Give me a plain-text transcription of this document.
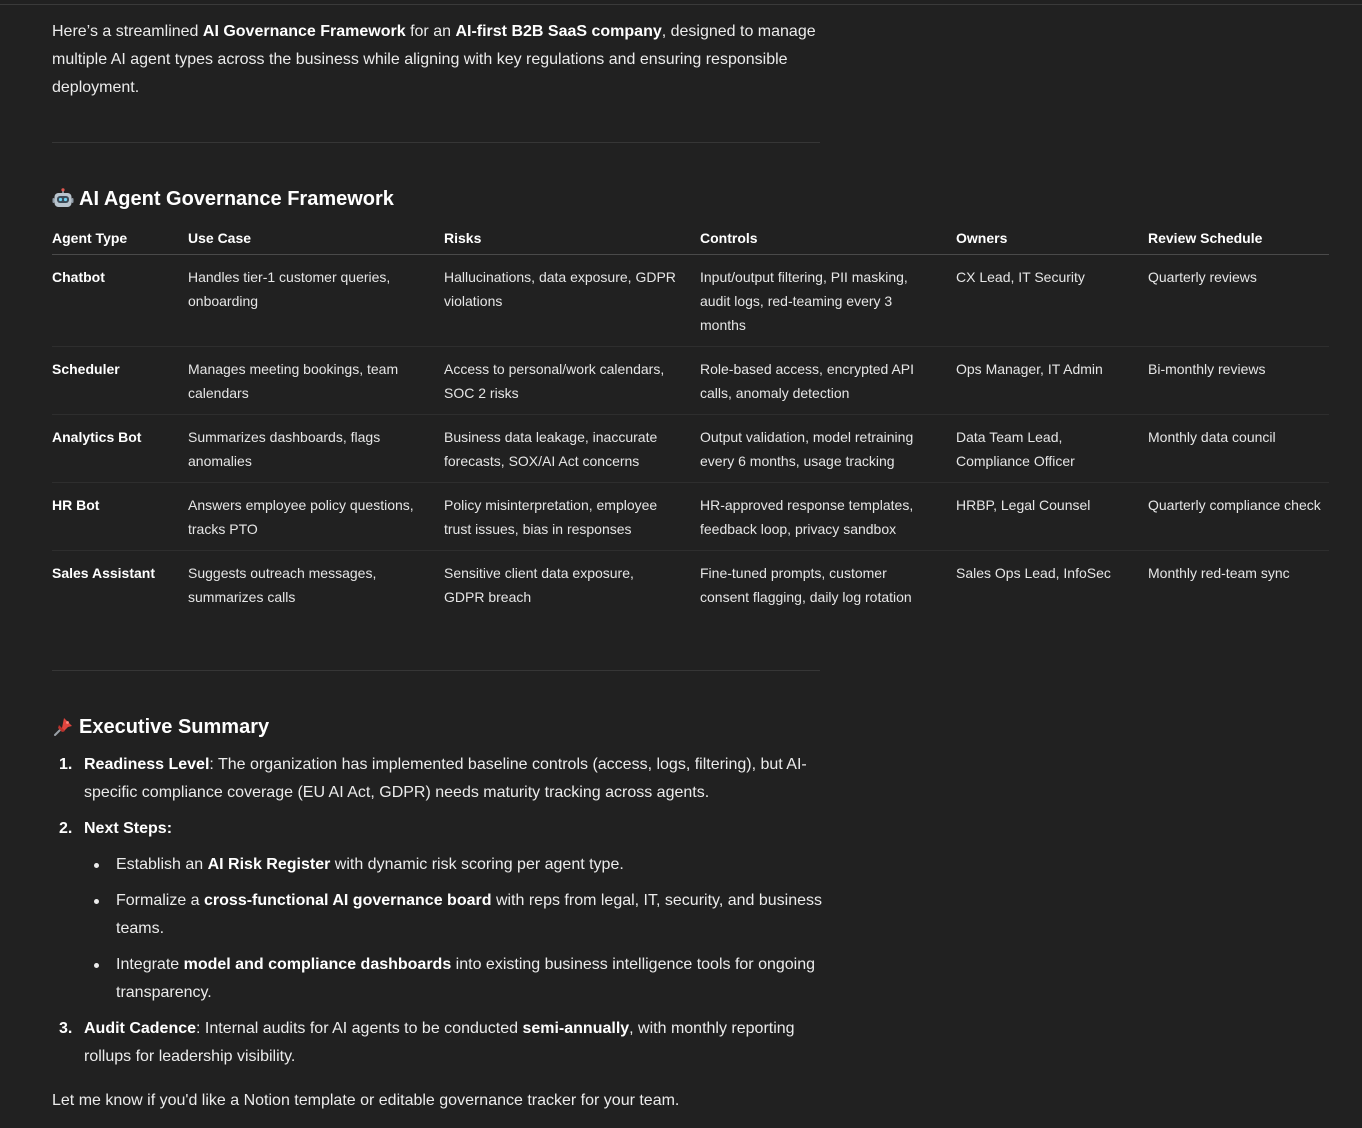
Here’s a streamlined AI Governance Framework for an AI-first B2B SaaS company, designed to manage multiple AI agent types across the business while aligning with key regulations and ensuring responsible deployment.

AI Agent Governance Framework
Agent Type	Use Case	Risks	Controls	Owners	Review Schedule
Chatbot	Handles tier-1 customer queries, onboarding	Hallucinations, data exposure, GDPR violations	Input/output filtering, PII masking, audit logs, red-teaming every 3 months	CX Lead, IT Security	Quarterly reviews
Scheduler	Manages meeting bookings, team calendars	Access to personal/work calendars, SOC 2 risks	Role-based access, encrypted API calls, anomaly detection	Ops Manager, IT Admin	Bi-monthly reviews
Analytics Bot	Summarizes dashboards, flags anomalies	Business data leakage, inaccurate forecasts, SOX/AI Act concerns	Output validation, model retraining every 6 months, usage tracking	Data Team Lead, Compliance Officer	Monthly data council
HR Bot	Answers employee policy questions, tracks PTO	Policy misinterpretation, employee trust issues, bias in responses	HR-approved response templates, feedback loop, privacy sandbox	HRBP, Legal Counsel	Quarterly compliance check
Sales Assistant	Suggests outreach messages, summarizes calls	Sensitive client data exposure, GDPR breach	Fine-tuned prompts, customer consent flagging, daily log rotation	Sales Ops Lead, InfoSec	Monthly red-team sync
Executive Summary
1. Readiness Level: The organization has implemented baseline controls (access, logs, filtering), but AI-specific compliance coverage (EU AI Act, GDPR) needs maturity tracking across agents.
2. Next Steps:
Establish an AI Risk Register with dynamic risk scoring per agent type.
Formalize a cross-functional AI governance board with reps from legal, IT, security, and business teams.
Integrate model and compliance dashboards into existing business intelligence tools for ongoing transparency.
3. Audit Cadence: Internal audits for AI agents to be conducted semi-annually, with monthly reporting rollups for leadership visibility.

Let me know if you'd like a Notion template or editable governance tracker for your team.
